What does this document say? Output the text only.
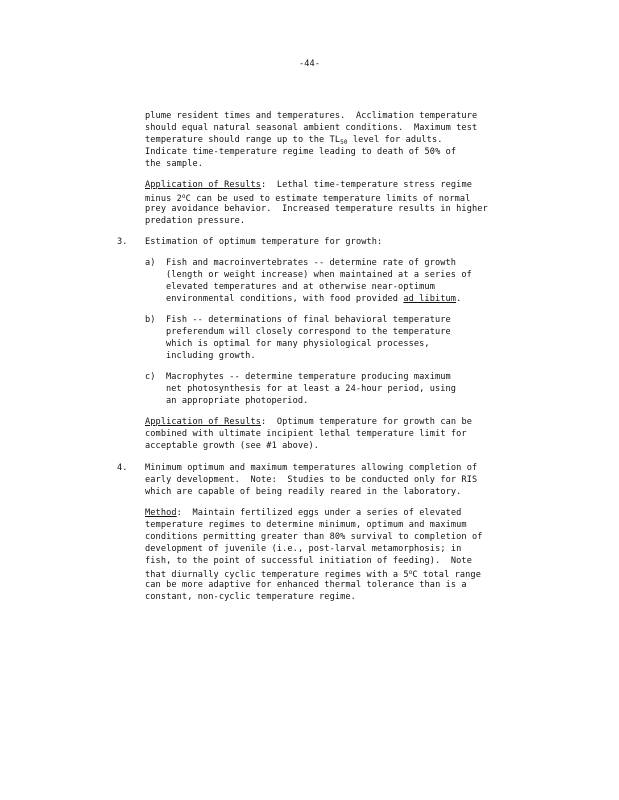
-44-
plume resident times and temperatures.  Acclimation temperature
should equal natural seasonal ambient conditions.  Maximum test
temperature should range up to the $TL_{50}$ level for adults.
Indicate time-temperature regime leading to death of 50% of
the sample.
Application of Results:  Lethal time-temperature stress regime
minus 2$^o$C can be used to estimate temperature limits of normal
prey avoidance behavior.  Increased temperature results in higher
predation pressure.
3. Estimation of optimum temperature for growth:
a) Fish and macroinvertebrates -- determine rate of growth
(length or weight increase) when maintained at a series of
elevated temperatures and at otherwise near-optimum
environmental conditions, with food provided ad libitum.
b) Fish -- determinations of final behavioral temperature
preferendum will closely correspond to the temperature
which is optimal for many physiological processes,
including growth.
c) Macrophytes -- determine temperature producing maximum
net photosynthesis for at least a 24-hour period, using
an appropriate photoperiod.
Application of Results:  Optimum temperature for growth can be
combined with ultimate incipient lethal temperature limit for
acceptable growth (see #1 above).
4. Minimum optimum and maximum temperatures allowing completion of
early development.  Note:  Studies to be conducted only for RIS
which are capable of being readily reared in the laboratory.
Method:  Maintain fertilized eggs under a series of elevated
temperature regimes to determine minimum, optimum and maximum
conditions permitting greater than 80% survival to completion of
development of juvenile (i.e., post-larval metamorphosis; in
fish, to the point of successful initiation of feeding).  Note
that diurnally cyclic temperature regimes with a 5$^o$C total range
can be more adaptive for enhanced thermal tolerance than is a
constant, non-cyclic temperature regime.
